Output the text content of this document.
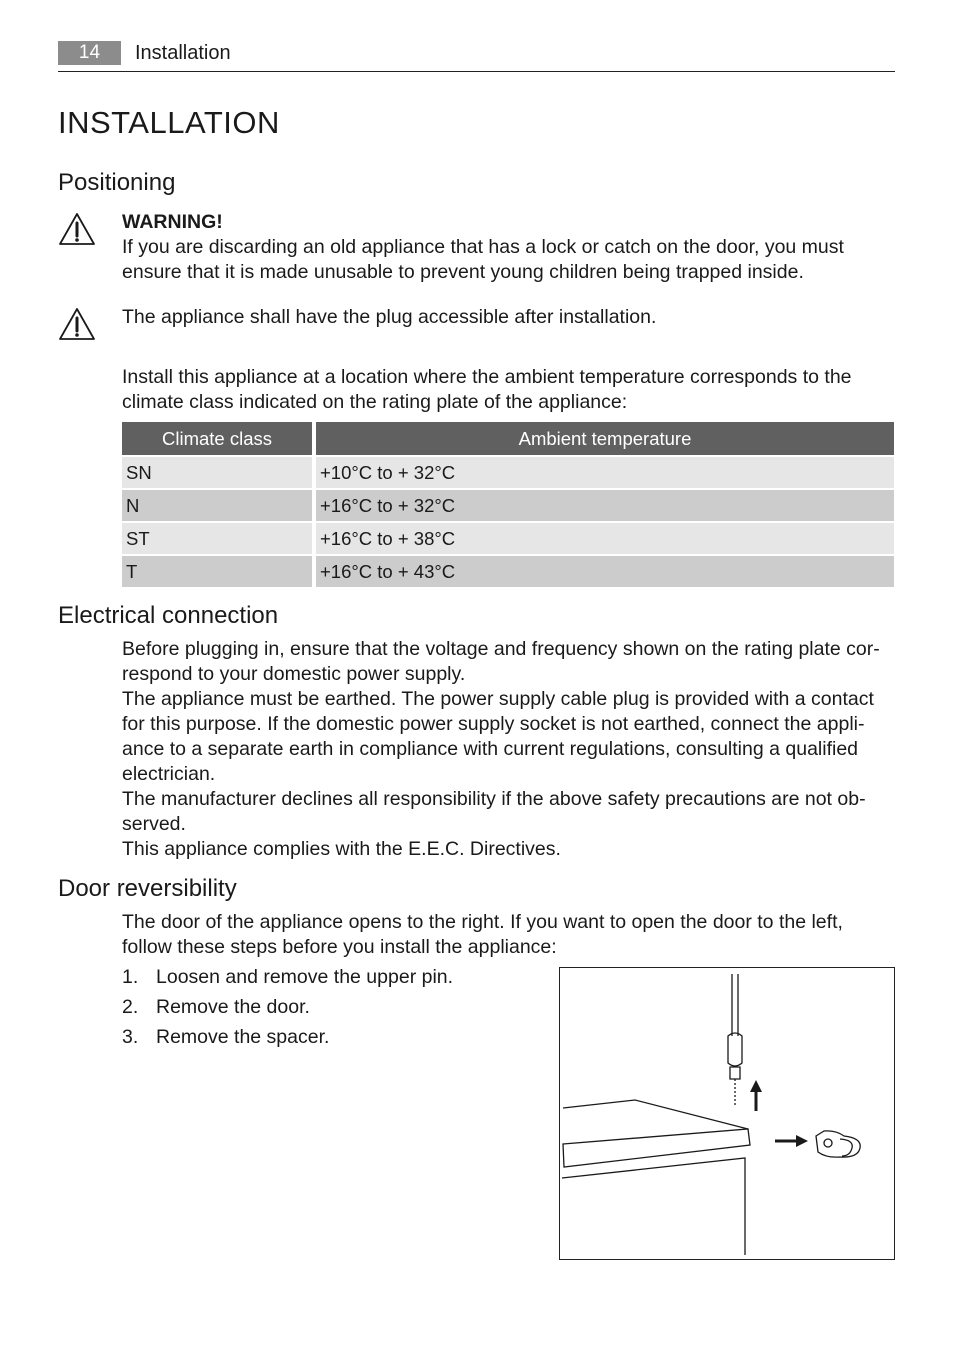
14	Installation
INSTALLATION
Positioning

WARNING!

If you are discarding an old appliance that has a lock or catch on the door, you must ensure that it is made unusable to prevent young children being trapped inside.

The appliance shall have the plug accessible after installation.
Install this appliance at a location where the ambient temperature corresponds to the climate class indicated on the rating plate of the appliance:
Climate class	Ambient temperature
SN	+10°C to + 32°C
N	+16°C to + 32°C
ST	+16°C to + 38°C
T	+16°C to + 43°C
Electrical connection

Before plugging in, ensure that the voltage and frequency shown on the rating plate cor-respond to your domestic power supply.

The appliance must be earthed. The power supply cable plug is provided with a contact for this purpose. If the domestic power supply socket is not earthed, connect the appli-ance to a separate earth in compliance with current regulations, consulting a qualified electrician.

The manufacturer declines all responsibility if the above safety precautions are not ob-served.

This appliance complies with the E.E.C. Directives.

Door reversibility
The door of the appliance opens to the right. If you want to open the door to the left, follow these steps before you install the appliance:
1. Loosen and remove the upper pin.
2. Remove the door.
3. Remove the spacer.
